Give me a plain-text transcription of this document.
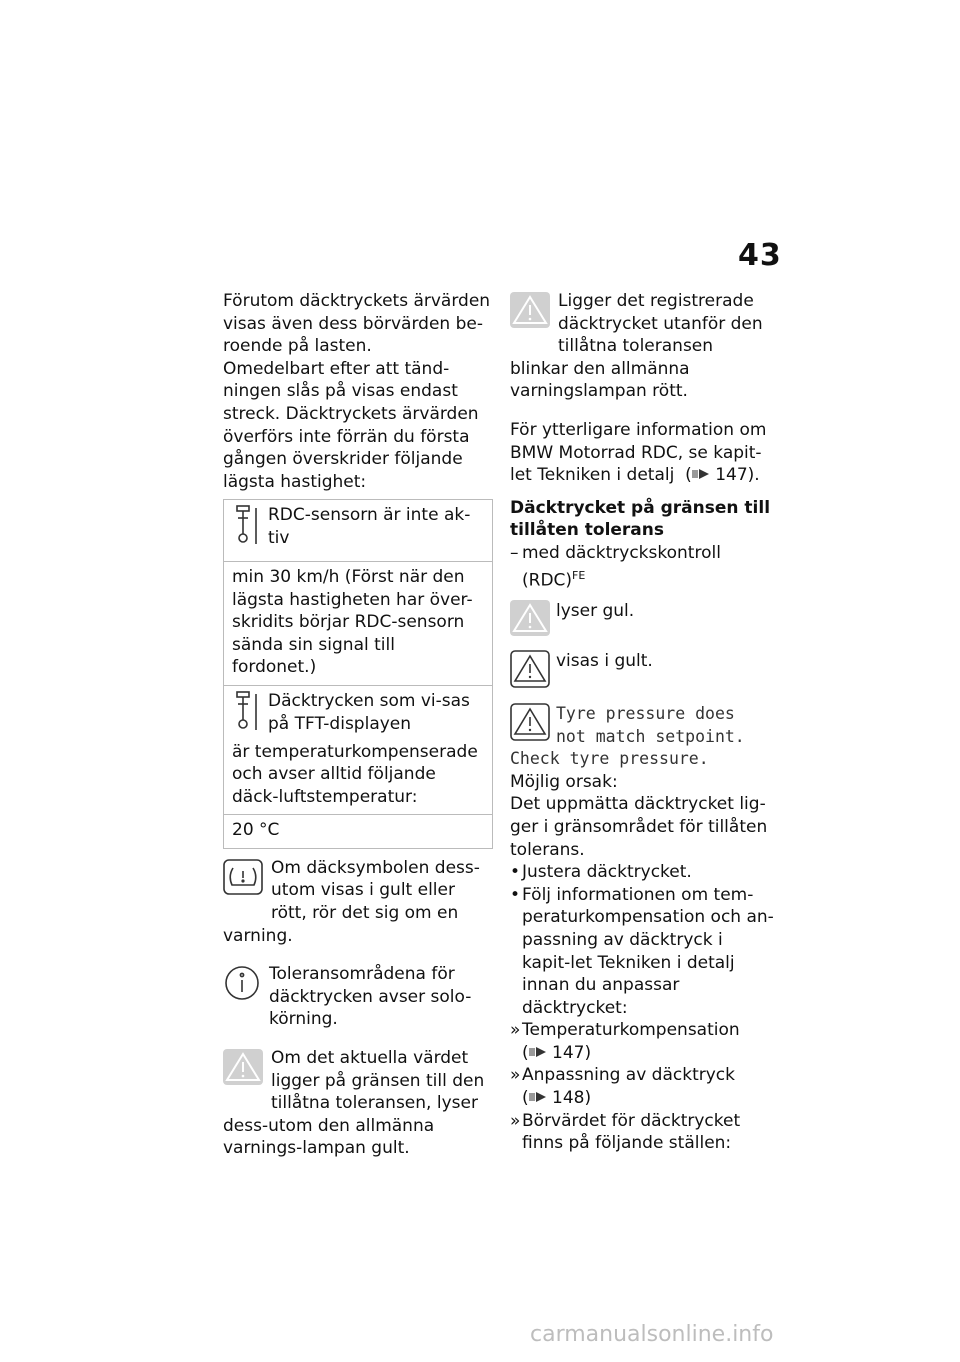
43

Förutom däcktryckets ärvärden visas även dess börvärden be-roende på lasten.

Omedelbart efter att tänd-ningen slås på visas endast streck. Däcktryckets ärvärden överförs inte förrän du första gången överskrider följande lägsta hastighet:

RDC-sensorn är inte ak-tiv
min 30 km/h (Först när den lägsta hastigheten har över-skridits börjar RDC-sensorn sända sin signal till fordonet.)
Däcktrycken som vi-sas på TFT-displayen
är temperaturkompenserade och avser alltid följande däck-luftstemperatur:
20 °C

Om däcksymbolen dess-utom visas i gult eller rött, rör det sig om en varning.

Toleransområdena för däcktrycken avser solo-körning.

Om det aktuella värdet ligger på gränsen till den tillåtna toleransen, lyser dess-utom den allmänna varnings-lampan gult.

Ligger det registrerade däcktrycket utanför den tillåtna toleransen blinkar den allmänna varningslampan rött.

För ytterligare information om BMW Motorrad RDC, se kapit-let Tekniken i detalj  ( 147).

Däcktrycket på gränsen till tillåten tolerans

– med däcktryckskontroll (RDC)$^{FE}$
lyser gul.
visas i gult.
Tyre pressure does
not match setpoint.

Check tyre pressure.

Möjlig orsak:

Det uppmätta däcktrycket lig-ger i gränsområdet för tillåten tolerans.

• Justera däcktrycket.
• Följ informationen om tem-peraturkompensation och an-passning av däcktryck i kapit-let Tekniken i detalj innan du anpassar däcktrycket:
» Temperaturkompensation
( 147)
» Anpassning av däcktryck
( 148)
» Börvärdet för däcktrycket finns på följande ställen:
carmanualsonline.info
